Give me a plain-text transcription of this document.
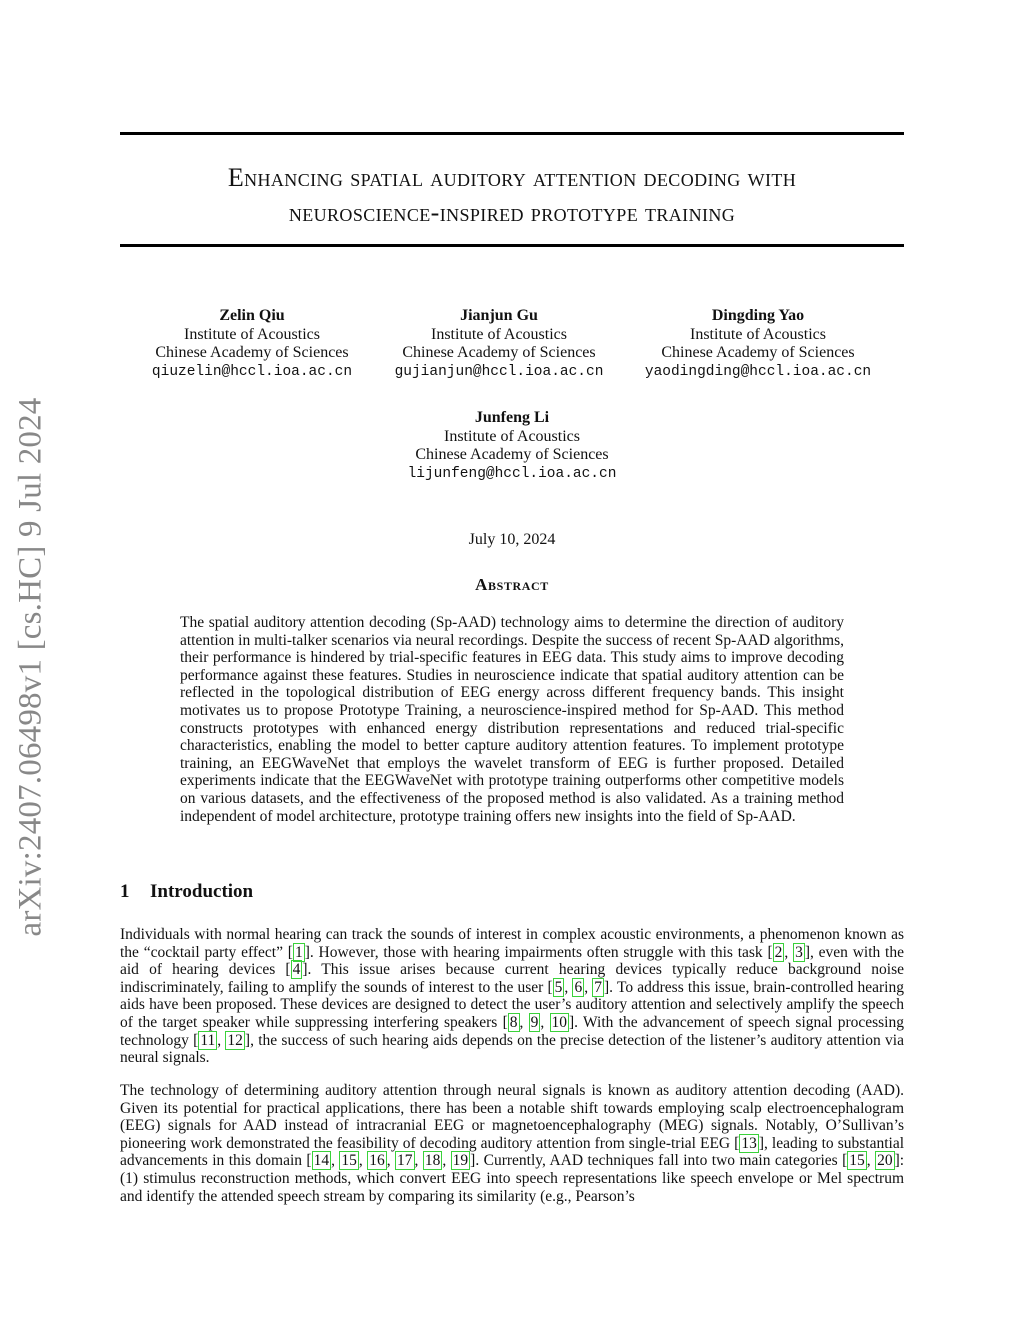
arXiv:2407.06498v1 [cs.HC] 9 Jul 2024
Enhancing spatial auditory attention decoding with
neuroscience-inspired prototype training
Zelin Qiu
Institute of Acoustics
Chinese Academy of Sciences
qiuzelin@hccl.ioa.ac.cn
Jianjun Gu
Institute of Acoustics
Chinese Academy of Sciences
gujianjun@hccl.ioa.ac.cn
Dingding Yao
Institute of Acoustics
Chinese Academy of Sciences
yaodingding@hccl.ioa.ac.cn
Junfeng Li
Institute of Acoustics
Chinese Academy of Sciences
lijunfeng@hccl.ioa.ac.cn
July 10, 2024
Abstract

The spatial auditory attention decoding (Sp-AAD) technology aims to determine the direction of auditory attention in multi-talker scenarios via neural recordings. Despite the success of recent Sp-AAD algorithms, their performance is hindered by trial-specific features in EEG data. This study aims to improve decoding performance against these features. Studies in neuroscience indicate that spatial auditory attention can be reflected in the topological distribution of EEG energy across different frequency bands. This insight motivates us to propose Prototype Training, a neuroscience-inspired method for Sp-AAD. This method constructs prototypes with enhanced energy distribution representations and reduced trial-specific characteristics, enabling the model to better capture auditory attention features. To implement prototype training, an EEGWaveNet that employs the wavelet transform of EEG is further proposed. Detailed experiments indicate that the EEGWaveNet with prototype training outperforms other competitive models on various datasets, and the effectiveness of the proposed method is also validated. As a training method independent of model architecture, prototype training offers new insights into the field of Sp-AAD.

1 Introduction

Individuals with normal hearing can track the sounds of interest in complex acoustic environments, a phenomenon known as the “cocktail party effect” [ 1 ]. However, those with hearing impairments often struggle with this task [ 2 , 3 ], even with the aid of hearing devices [ 4 ]. This issue arises because current hearing devices typically reduce background noise indiscriminately, failing to amplify the sounds of interest to the user [ 5 , 6 , 7 ]. To address this issue, brain-controlled hearing aids have been proposed. These devices are designed to detect the user’s auditory attention and selectively amplify the speech of the target speaker while suppressing interfering speakers [ 8 , 9 , 10 ]. With the advancement of speech signal processing technology [ 11 , 12 ], the success of such hearing aids depends on the precise detection of the listener’s auditory attention via neural signals.

The technology of determining auditory attention through neural signals is known as auditory attention decoding (AAD). Given its potential for practical applications, there has been a notable shift towards employing scalp electroencephalogram (EEG) signals for AAD instead of intracranial EEG or magnetoencephalography (MEG) signals. Notably, O’Sullivan’s pioneering work demonstrated the feasibility of decoding auditory attention from single-trial EEG [ 13 ], leading to substantial advancements in this domain [ 14 , 15 , 16 , 17 , 18 , 19 ]. Currently, AAD techniques fall into two main categories [ 15 , 20 ]: (1) stimulus reconstruction methods, which convert EEG into speech representations like speech envelope or Mel spectrum and identify the attended speech stream by comparing its similarity (e.g., Pearson’s
